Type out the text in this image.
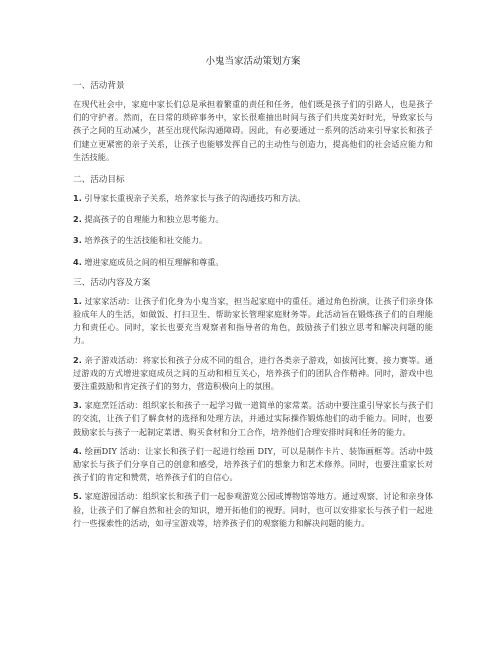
小鬼当家活动策划方案
一、活动背景
在现代社会中，家庭中家长们总是承担着繁重的责任和任务，他们既是孩子们的引路人，也是孩子们的守护者。然而，在日常的琐碎事务中，家长很难抽出时间与孩子们共度美好时光，导致家长与孩子之间的互动减少，甚至出现代际沟通障碍。因此，有必要通过一系列的活动来引导家长和孩子们建立更紧密的亲子关系，让孩子也能够发挥自己的主动性与创造力，提高他们的社会适应能力和生活技能。
二、活动目标
1. 引导家长重视亲子关系，培养家长与孩子的沟通技巧和方法。
2. 提高孩子的自理能力和独立思考能力。
3. 培养孩子的生活技能和社交能力。
4. 增进家庭成员之间的相互理解和尊重。
三、活动内容及方案
1. 过家家活动：让孩子们化身为小鬼当家，担当起家庭中的重任。通过角色扮演，让孩子们亲身体验成年人的生活，如做饭、打扫卫生、帮助家长管理家庭财务等。此活动旨在锻炼孩子们的自理能力和责任心。同时，家长也要充当观察者和指导者的角色，鼓励孩子们独立思考和解决问题的能力。
2. 亲子游戏活动：将家长和孩子分成不同的组合，进行各类亲子游戏，如拔河比赛、接力赛等。通过游戏的方式增进家庭成员之间的互动和相互关心，培养孩子们的团队合作精神。同时，游戏中也要注重鼓励和肯定孩子们的努力，营造积极向上的氛围。
3. 家庭烹饪活动：组织家长和孩子一起学习做一道简单的家常菜。活动中要注重引导家长与孩子们的交流，让孩子们了解食材的选择和处理方法，并通过实际操作锻炼他们的动手能力。同时，也要鼓励家长与孩子一起制定菜谱、购买食材和分工合作，培养他们合理安排时间和任务的能力。
4. 绘画DIY 活动：让家长和孩子们一起进行绘画 DIY，可以是制作卡片、装饰画框等。活动中鼓励家长与孩子们分享自己的创意和感受，培养孩子们的想象力和艺术修养。同时，也要注重家长对孩子们的肯定和赞赏，培养孩子们的自信心。
5. 家庭游园活动：组织家长和孩子们一起参观游览公园或博物馆等地方。通过观察、讨论和亲身体验，让孩子们了解自然和社会的知识，增开拓他们的视野。同时，也可以安排家长与孩子们一起进行一些探索性的活动，如寻宝游戏等，培养孩子们的观察能力和解决问题的能力。
